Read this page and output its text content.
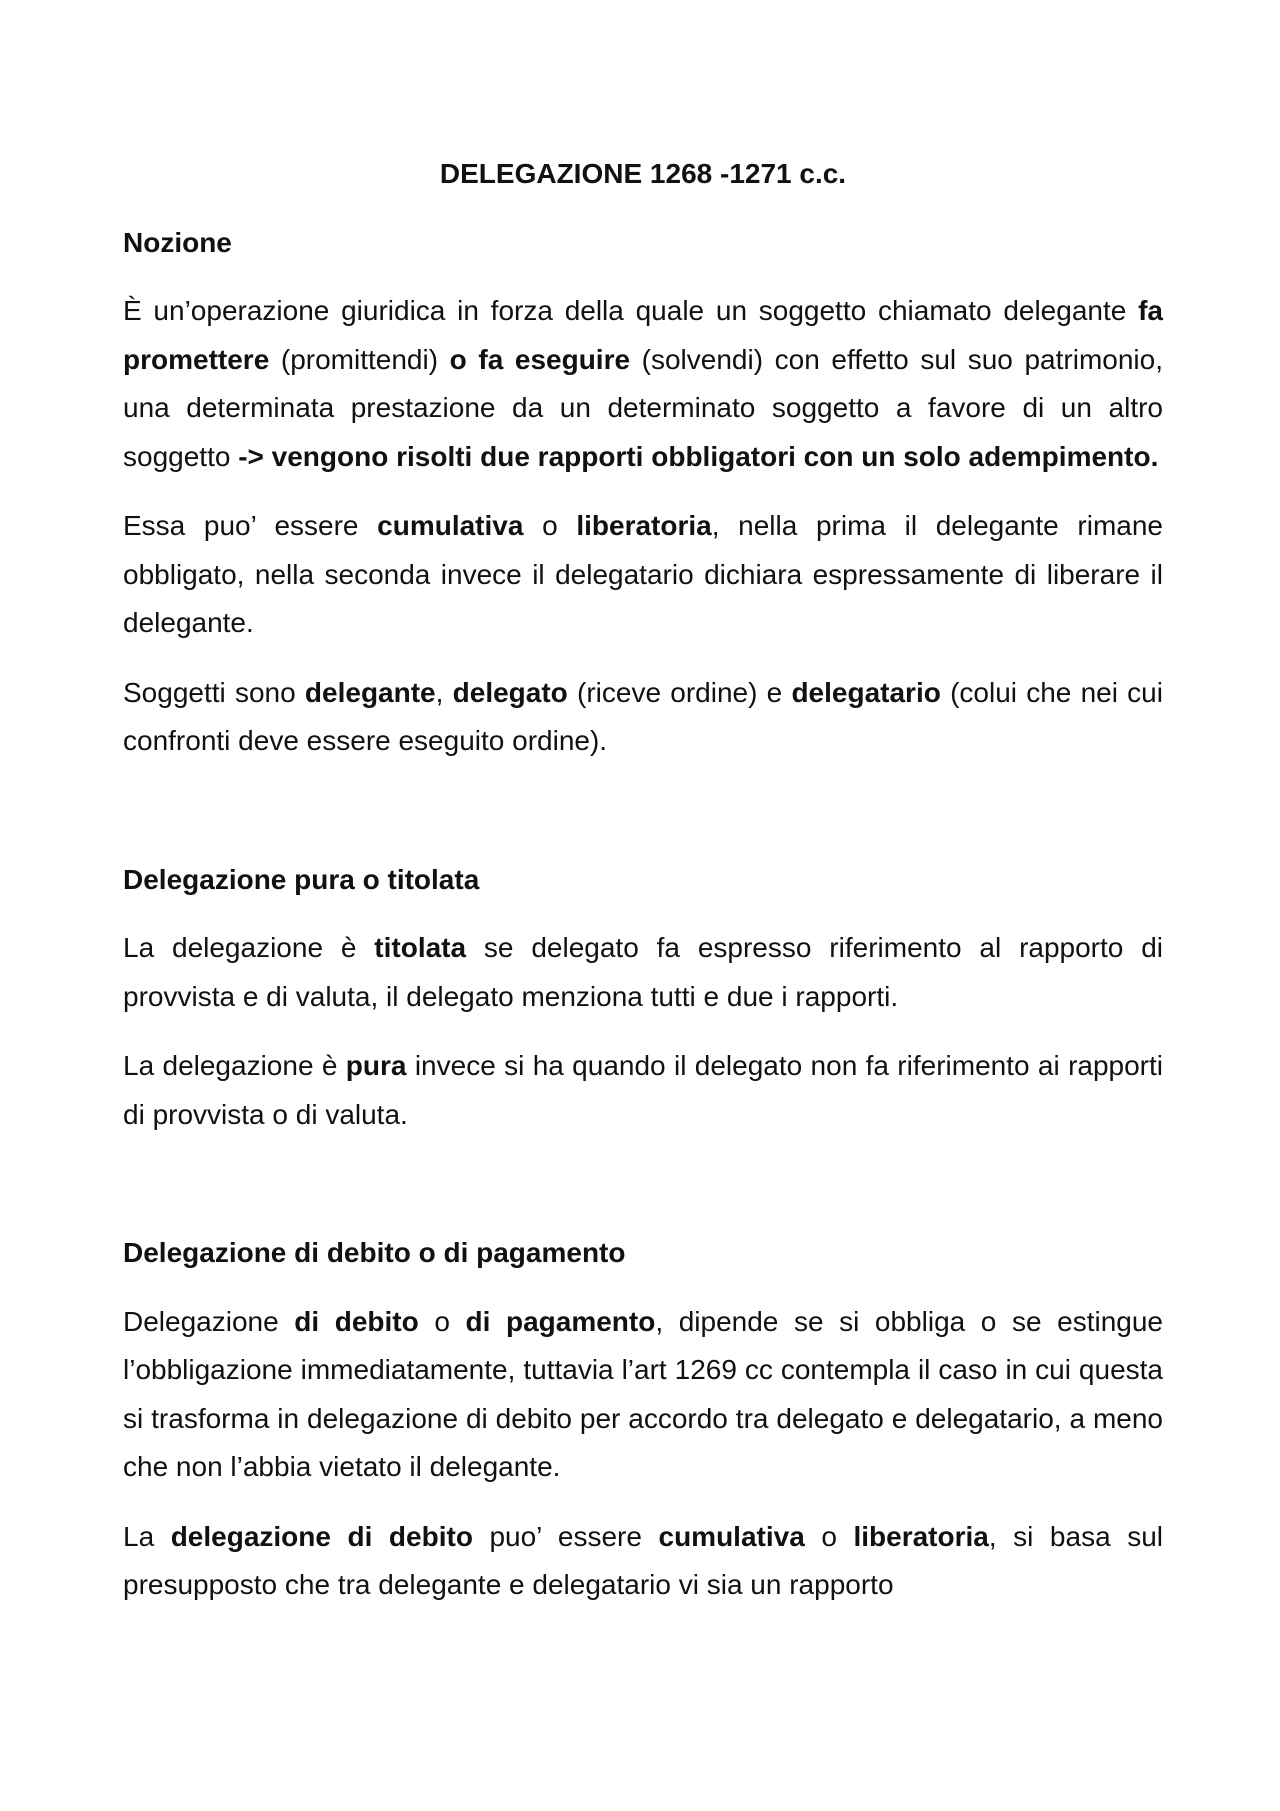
DELEGAZIONE 1268 -1271 c.c.
Nozione

È un’operazione giuridica in forza della quale un soggetto chiamato delegante fa promettere (promittendi) o fa eseguire (solvendi) con effetto sul suo patrimonio, una determinata prestazione da un determinato soggetto a favore di un altro soggetto -> vengono risolti due rapporti obbligatori con un solo adempimento.

Essa puo’ essere cumulativa o liberatoria, nella prima il delegante rimane obbligato, nella seconda invece il delegatario dichiara espressamente di liberare il delegante.

Soggetti sono delegante, delegato (riceve ordine) e delegatario (colui che nei cui confronti deve essere eseguito ordine).

Delegazione pura o titolata

La delegazione è titolata se delegato fa espresso riferimento al rapporto di provvista e di valuta, il delegato menziona tutti e due i rapporti.

La delegazione è pura invece si ha quando il delegato non fa riferimento ai rapporti di provvista o di valuta.

Delegazione di debito o di pagamento

Delegazione di debito o di pagamento, dipende se si obbliga o se estingue l’obbligazione immediatamente, tuttavia l’art 1269 cc contempla il caso in cui questa si trasforma in delegazione di debito per accordo tra delegato e delegatario, a meno che non l’abbia vietato il delegante.

La delegazione di debito puo’ essere cumulativa o liberatoria, si basa sul presupposto che tra delegante e delegatario vi sia un rapporto
